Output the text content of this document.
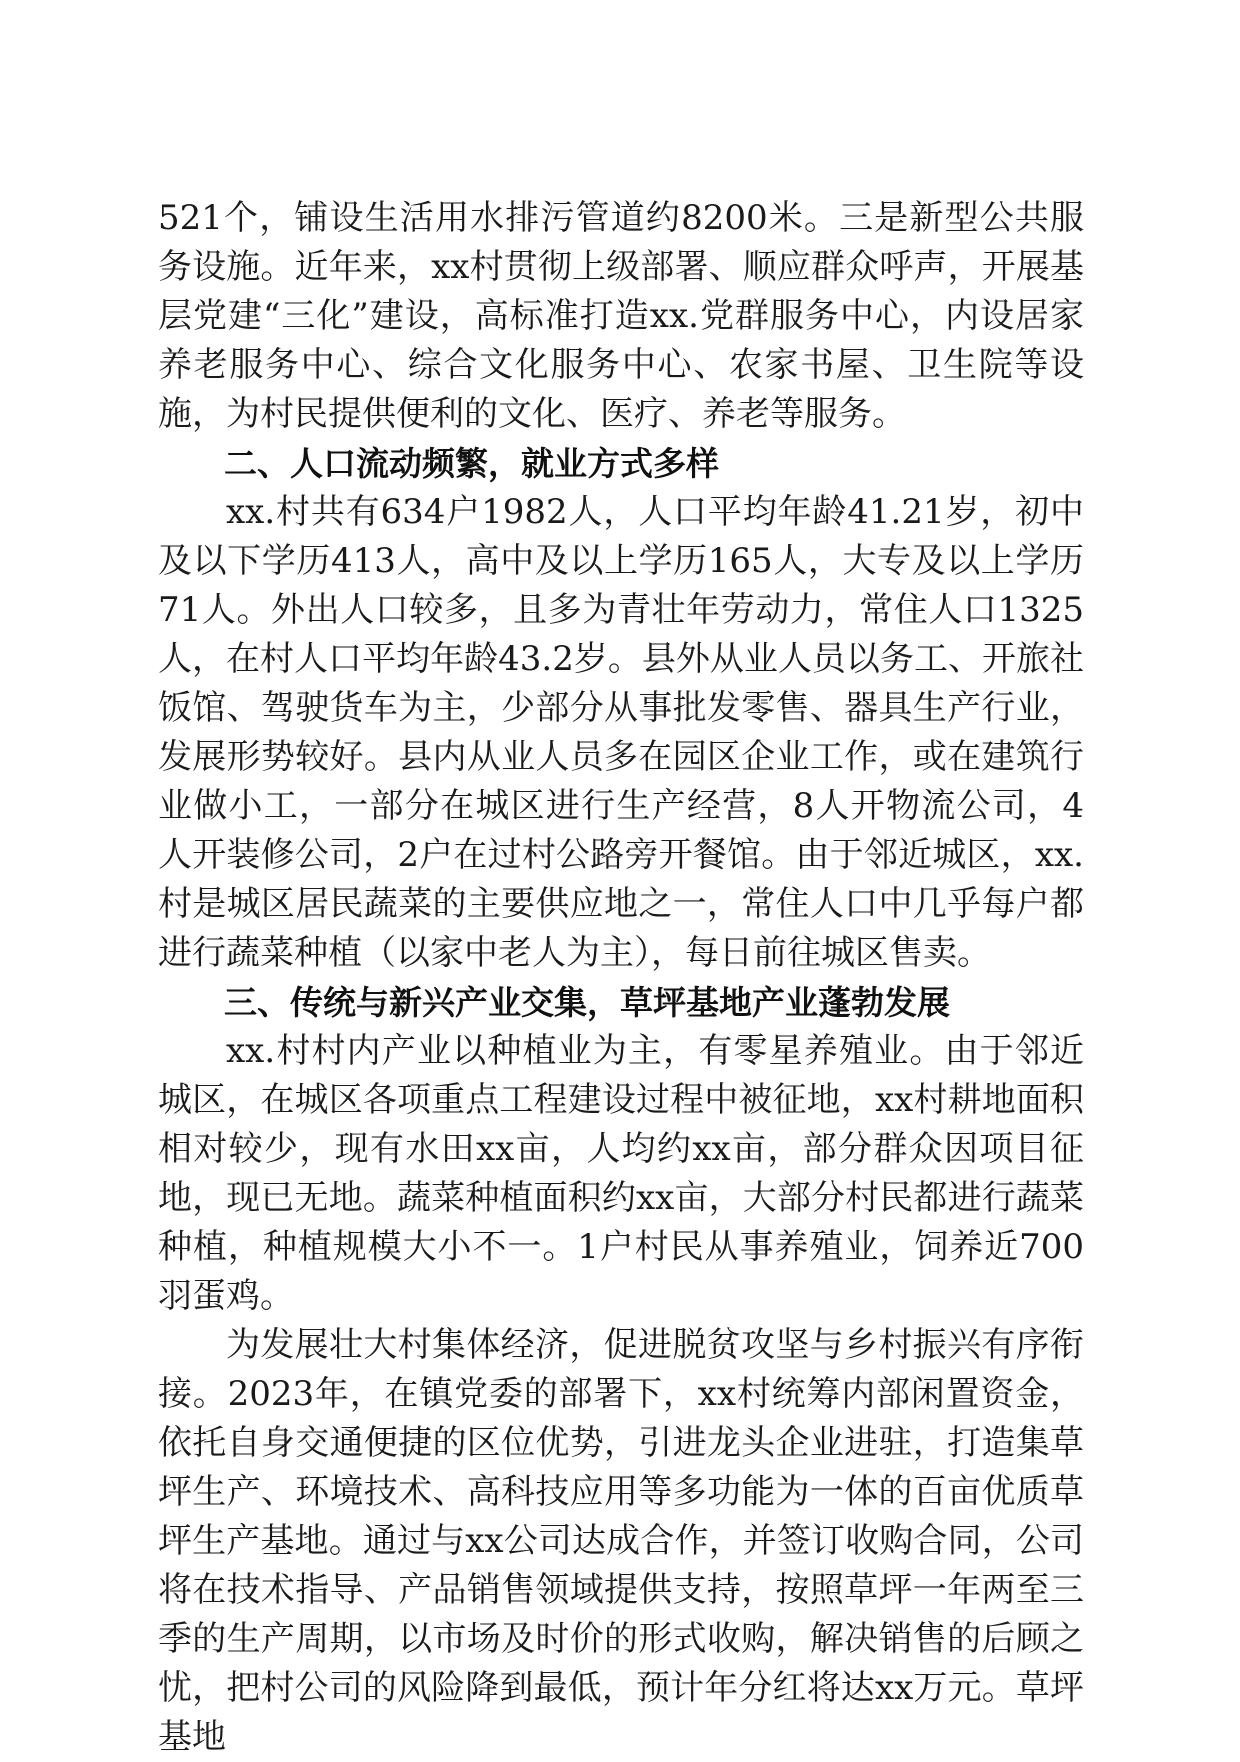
521个，铺设生活用水排污管道约8200米。三是新型公共服务设施。近年来，xx村贯彻上级部署、顺应群众呼声，开展基层党建“三化”建设，高标准打造xx.党群服务中心，内设居家养老服务中心、综合文化服务中心、农家书屋、卫生院等设施，为村民提供便利的文化、医疗、养老等服务。

二、人口流动频繁，就业方式多样

xx.村共有634户1982人，人口平均年龄41.21岁，初中及以下学历413人，高中及以上学历165人，大专及以上学历71人。外出人口较多，且多为青壮年劳动力，常住人口1325人，在村人口平均年龄43.2岁。县外从业人员以务工、开旅社饭馆、驾驶货车为主，少部分从事批发零售、器具生产行业，发展形势较好。县内从业人员多在园区企业工作，或在建筑行业做小工，一部分在城区进行生产经营，8人开物流公司，4人开装修公司，2户在过村公路旁开餐馆。由于邻近城区，xx.村是城区居民蔬菜的主要供应地之一，常住人口中几乎每户都进行蔬菜种植（以家中老人为主），每日前往城区售卖。

三、传统与新兴产业交集，草坪基地产业蓬勃发展

xx.村村内产业以种植业为主，有零星养殖业。由于邻近城区，在城区各项重点工程建设过程中被征地，xx村耕地面积相对较少，现有水田xx亩，人均约xx亩，部分群众因项目征地，现已无地。蔬菜种植面积约xx亩，大部分村民都进行蔬菜种植，种植规模大小不一。1户村民从事养殖业，饲养近700羽蛋鸡。

为发展壮大村集体经济，促进脱贫攻坚与乡村振兴有序衔接。2023年，在镇党委的部署下，xx村统筹内部闲置资金，依托自身交通便捷的区位优势，引进龙头企业进驻，打造集草坪生产、环境技术、高科技应用等多功能为一体的百亩优质草坪生产基地。通过与xx公司达成合作，并签订收购合同，公司将在技术指导、产品销售领域提供支持，按照草坪一年两至三季的生产周期，以市场及时价的形式收购，解决销售的后顾之忧，把村公司的风险降到最低，预计年分红将达xx万元。草坪基地
